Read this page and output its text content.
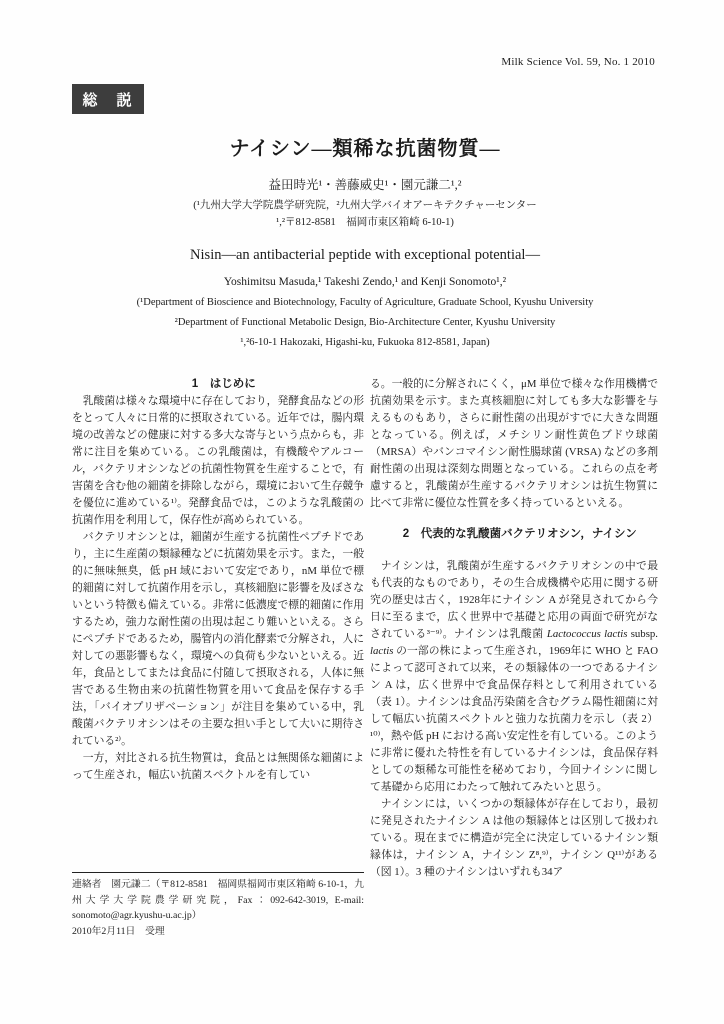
Milk Science Vol. 59, No. 1 2010
総　説
ナイシン―類稀な抗菌物質―
益田時光¹・善藤威史¹・園元謙二¹,²
(¹九州大学大学院農学研究院，²九州大学バイオアーキテクチャーセンター
¹,²〒812-8581　福岡市東区箱崎 6-10-1)
Nisin—an antibacterial peptide with exceptional potential—
Yoshimitsu Masuda,¹ Takeshi Zendo,¹ and Kenji Sonomoto¹,²
(¹Department of Bioscience and Biotechnology, Faculty of Agriculture, Graduate School, Kyushu University
²Department of Functional Metabolic Design, Bio-Architecture Center, Kyushu University
¹,²6-10-1 Hakozaki, Higashi-ku, Fukuoka 812-8581, Japan)

1　はじめに

乳酸菌は様々な環境中に存在しており，発酵食品などの形をとって人々に日常的に摂取されている。近年では，腸内環境の改善などの健康に対する多大な寄与という点からも，非常に注目を集めている。この乳酸菌は，有機酸やアルコール，バクテリオシンなどの抗菌性物質を生産することで，有害菌を含む他の細菌を排除しながら，環境において生存競争を優位に進めている¹⁾。発酵食品では，このような乳酸菌の抗菌作用を利用して，保存性が高められている。

バクテリオシンとは，細菌が生産する抗菌性ペプチドであり，主に生産菌の類縁種などに抗菌効果を示す。また，一般的に無味無臭，低 pH 域において安定であり，nM 単位で標的細菌に対して抗菌作用を示し，真核細胞に影響を及ぼさないという特徴も備えている。非常に低濃度で標的細菌に作用するため，強力な耐性菌の出現は起こり難いといえる。さらにペプチドであるため，腸管内の消化酵素で分解され，人に対しての悪影響もなく，環境への負荷も少ないといえる。近年，食品としてまたは食品に付随して摂取される，人体に無害である生物由来の抗菌性物質を用いて食品を保存する手法，「バイオプリザベーション」が注目を集めている中，乳酸菌バクテリオシンはその主要な担い手として大いに期待されている²⁾。

一方，対比される抗生物質は，食品とは無関係な細菌によって生産され，幅広い抗菌スペクトルを有してい

る。一般的に分解されにくく，μM 単位で様々な作用機構で抗菌効果を示す。また真核細胞に対しても多大な影響を与えるものもあり，さらに耐性菌の出現がすでに大きな問題となっている。例えば，メチシリン耐性黄色ブドウ球菌（MRSA）やバンコマイシン耐性腸球菌 (VRSA) などの多剤耐性菌の出現は深刻な問題となっている。これらの点を考慮すると，乳酸菌が生産するバクテリオシンは抗生物質に比べて非常に優位な性質を多く持っているといえる。

2　代表的な乳酸菌バクテリオシン，ナイシン

ナイシンは，乳酸菌が生産するバクテリオシンの中で最も代表的なものであり，その生合成機構や応用に関する研究の歴史は古く，1928年にナイシン A が発見されてから今日に至るまで，広く世界中で基礎と応用の両面で研究がなされている³⁻⁹⁾。ナイシンは乳酸菌 Lactococcus lactis subsp. lactis の一部の株によって生産され，1969年に WHO と FAO によって認可されて以来，その類縁体の一つであるナイシン A は，広く世界中で食品保存料として利用されている（表 1）。ナイシンは食品汚染菌を含むグラム陽性細菌に対して幅広い抗菌スペクトルと強力な抗菌力を示し（表 2）¹⁰⁾，熱や低 pH における高い安定性を有している。このように非常に優れた特性を有しているナイシンは，食品保存料としての類稀な可能性を秘めており，今回ナイシンに関して基礎から応用にわたって触れてみたいと思う。

ナイシンには，いくつかの類縁体が存在しており，最初に発見されたナイシン A は他の類縁体とは区別して扱われている。現在までに構造が完全に決定しているナイシン類縁体は，ナイシン A，ナイシン Z⁸,⁹⁾，ナイシン Q¹¹⁾がある（図 1）。3 種のナイシンはいずれも34ア

連絡者　園元謙二（〒812-8581　福岡県福岡市東区箱崎 6-10-1，九州大学大学院農学研究院，Fax：092-642-3019, E-mail: sonomoto@agr.kyushu-u.ac.jp）

2010年2月11日　受理
